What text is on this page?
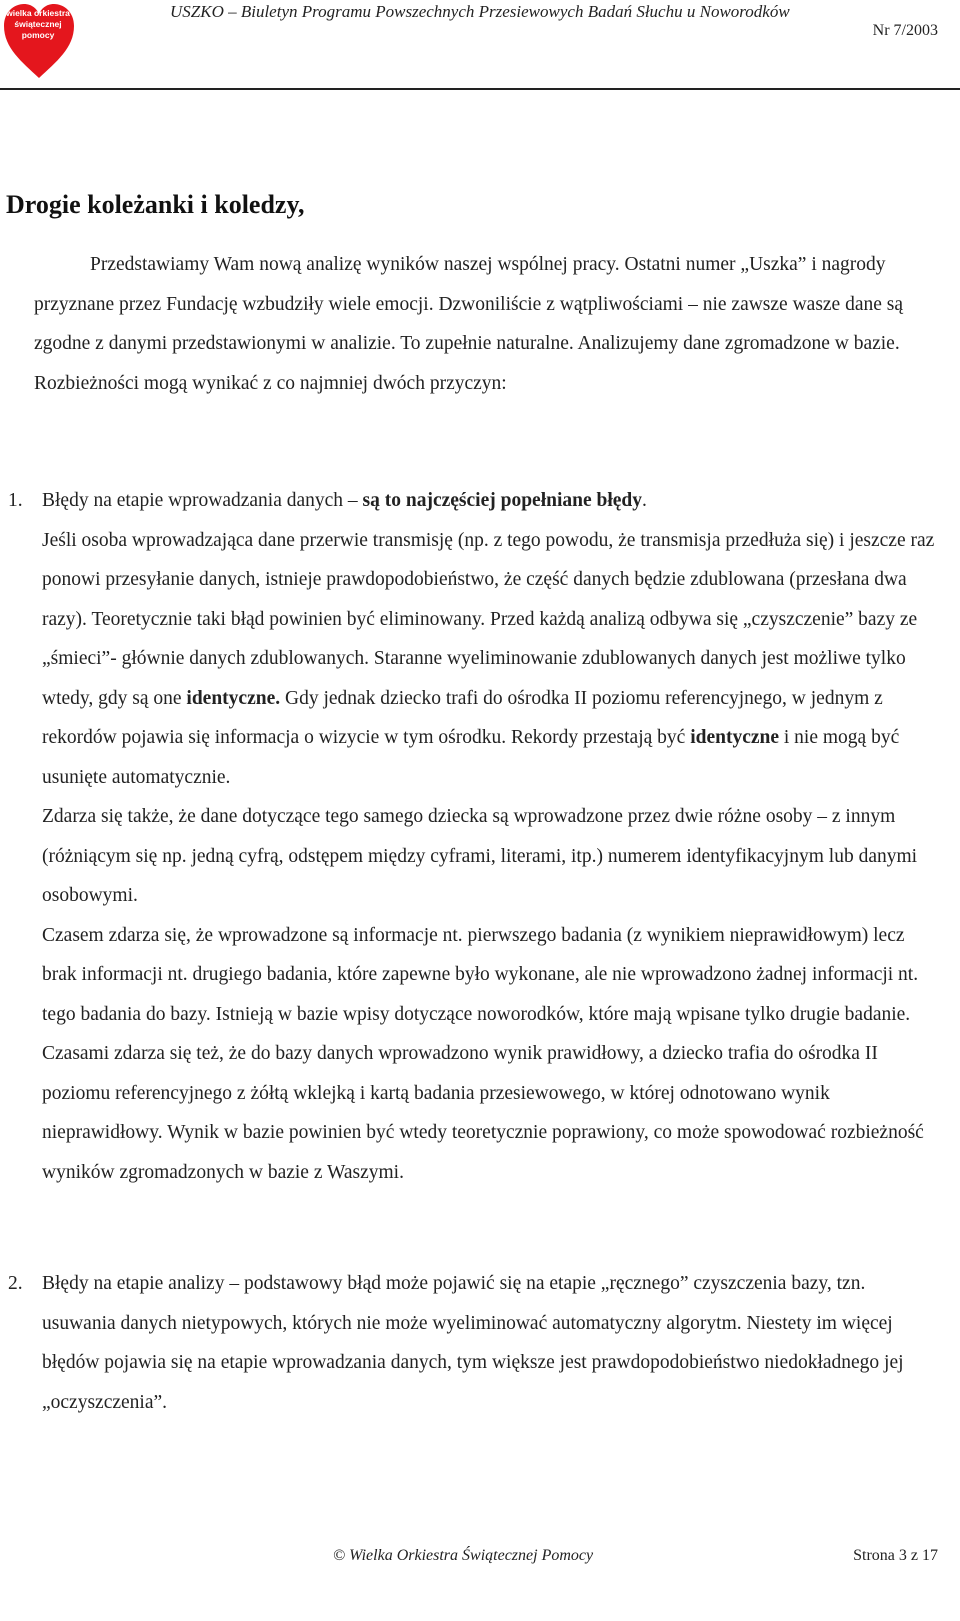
wielka orkiestra
świątecznej
pomocy
USZKO – Biuletyn Programu Powszechnych Przesiewowych Badań Słuchu u Noworodków
Nr 7/2003
Drogie koleżanki i koledzy,

Przedstawiamy Wam nową analizę wyników naszej wspólnej pracy. Ostatni numer „Uszka” i nagrody przyznane przez Fundację wzbudziły wiele emocji. Dzwoniliście z wątpliwościami – nie zawsze wasze dane są zgodne z danymi przedstawionymi w analizie. To zupełnie naturalne. Analizujemy dane zgromadzone w bazie. Rozbieżności mogą wynikać z co najmniej dwóch przyczyn:

1. Błędy na etapie wprowadzania danych – są to najczęściej popełniane błędy.
Jeśli osoba wprowadzająca dane przerwie transmisję (np. z tego powodu, że transmisja przedłuża się) i jeszcze raz ponowi przesyłanie danych, istnieje prawdopodobieństwo, że część danych będzie zdublowana (przesłana dwa razy). Teoretycznie taki błąd powinien być eliminowany. Przed każdą analizą odbywa się „czyszczenie” bazy ze „śmieci”- głównie danych zdublowanych. Staranne wyeliminowanie zdublowanych danych jest możliwe tylko wtedy, gdy są one identyczne. Gdy jednak dziecko trafi do ośrodka II poziomu referencyjnego, w jednym z rekordów pojawia się informacja o wizycie w tym ośrodku. Rekordy przestają być identyczne i nie mogą być usunięte automatycznie.
Zdarza się także, że dane dotyczące tego samego dziecka są wprowadzone przez dwie różne osoby – z innym (różniącym się np. jedną cyfrą, odstępem między cyframi, literami, itp.) numerem identyfikacyjnym lub danymi osobowymi.
Czasem zdarza się, że wprowadzone są informacje nt. pierwszego badania (z wynikiem nieprawidłowym) lecz brak informacji nt. drugiego badania, które zapewne było wykonane, ale nie wprowadzono żadnej informacji nt. tego badania do bazy. Istnieją w bazie wpisy dotyczące noworodków, które mają wpisane tylko drugie badanie.
Czasami zdarza się też, że do bazy danych wprowadzono wynik prawidłowy, a dziecko trafia do ośrodka II poziomu referencyjnego z żółtą wklejką i kartą badania przesiewowego, w której odnotowano wynik nieprawidłowy. Wynik w bazie powinien być wtedy teoretycznie poprawiony, co może spowodować rozbieżność wyników zgromadzonych w bazie z Waszymi.
2. Błędy na etapie analizy – podstawowy błąd może pojawić się na etapie „ręcznego” czyszczenia bazy, tzn. usuwania danych nietypowych, których nie może wyeliminować automatyczny algorytm. Niestety im więcej błędów pojawia się na etapie wprowadzania danych, tym większe jest prawdopodobieństwo niedokładnego jej „oczyszczenia”.
© Wielka Orkiestra Świątecznej Pomocy	Strona 3 z 17
